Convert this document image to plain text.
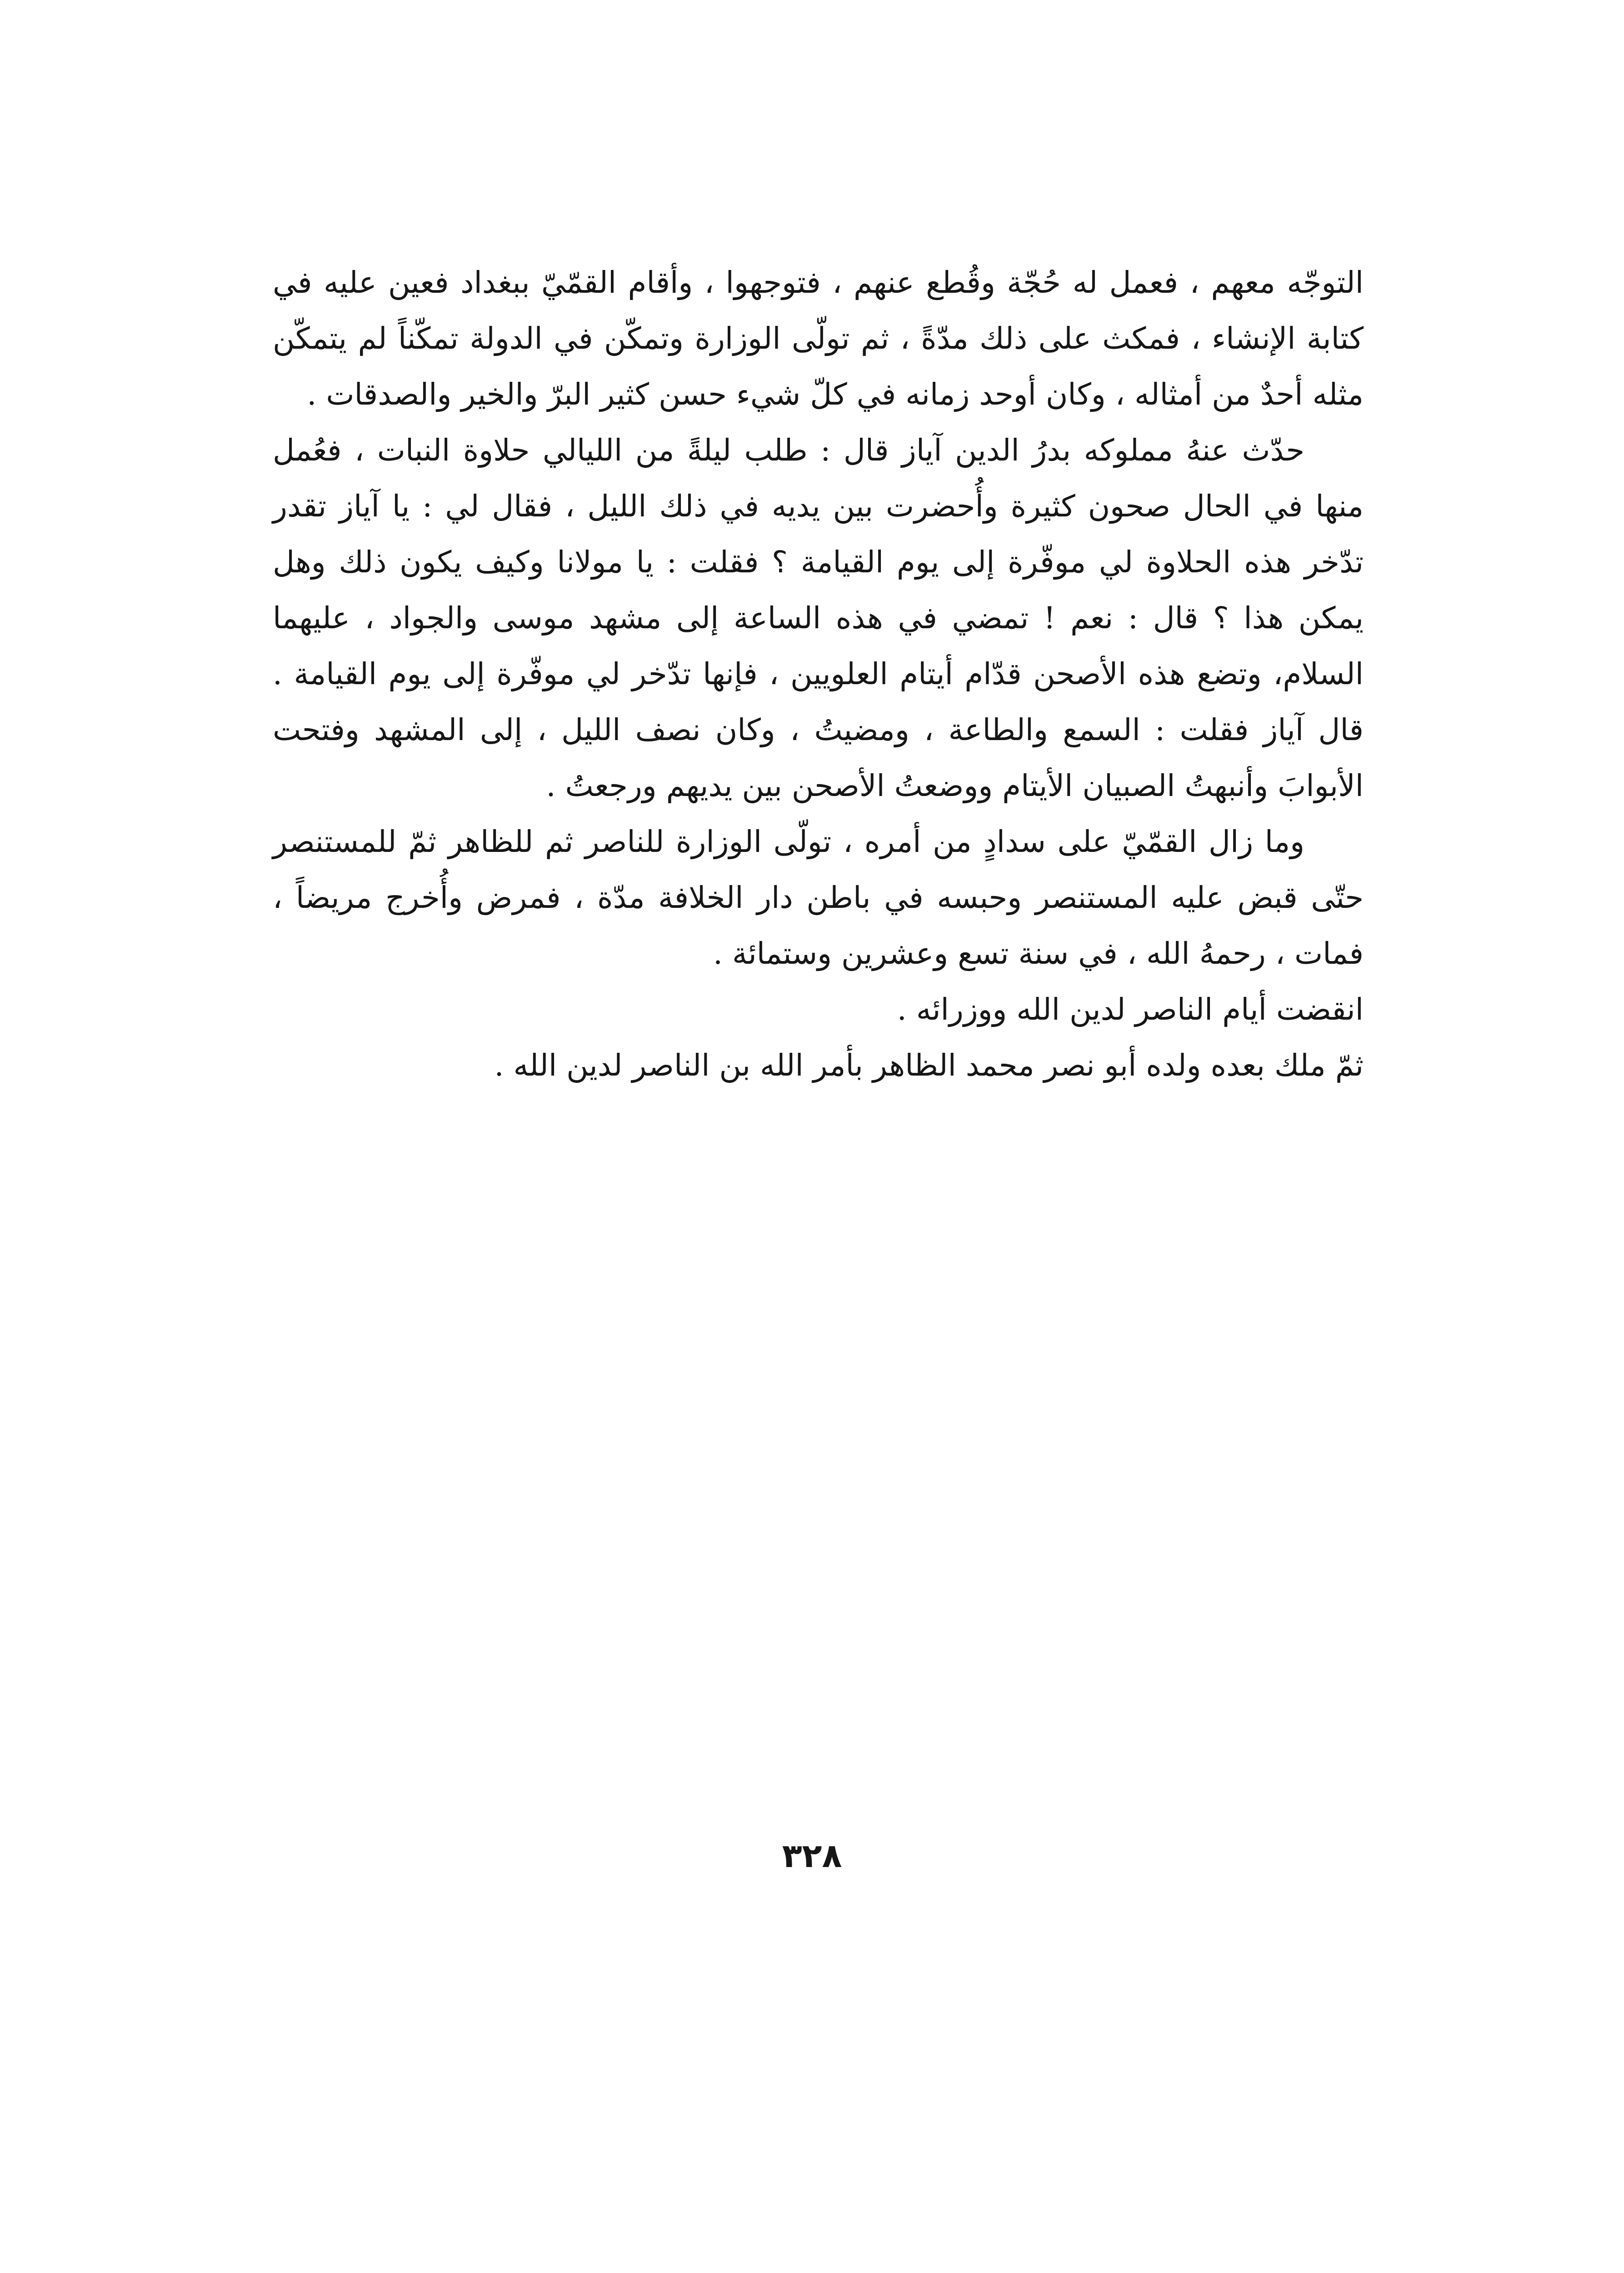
التوجّه معهم ، فعمل له حُجّة وقُطع عنهم ، فتوجهوا ، وأقام القمّيّ ببغداد فعين عليه في كتابة الإنشاء ، فمكث على ذلك مدّةً ، ثم تولّى الوزارة وتمكّن في الدولة تمكّناً لم يتمكّن مثله أحدٌ من أمثاله ، وكان أوحد زمانه في كلّ شيء حسن كثير البرّ والخير والصدقات .

حدّث عنهُ مملوكه بدرُ الدين آياز قال : طلب ليلةً من الليالي حلاوة النبات ، فعُمل منها في الحال صحون كثيرة وأُحضرت بين يديه في ذلك الليل ، فقال لي : يا آياز تقدر تدّخر هذه الحلاوة لي موفّرة إلى يوم القيامة ؟ فقلت : يا مولانا وكيف يكون ذلك وهل يمكن هذا ؟ قال : نعم ! تمضي في هذه الساعة إلى مشهد موسى والجواد ، عليهما السلام، وتضع هذه الأصحن قدّام أيتام العلويين ، فإنها تدّخر لي موفّرة إلى يوم القيامة . قال آياز فقلت : السمع والطاعة ، ومضيتُ ، وكان نصف الليل ، إلى المشهد وفتحت الأبوابَ وأنبهتُ الصبيان الأيتام ووضعتُ الأصحن بين يديهم ورجعتُ .

وما زال القمّيّ على سدادٍ من أمره ، تولّى الوزارة للناصر ثم للظاهر ثمّ للمستنصر حتّى قبض عليه المستنصر وحبسه في باطن دار الخلافة مدّة ، فمرض وأُخرج مريضاً ، فمات ، رحمهُ الله ، في سنة تسع وعشرين وستمائة .

انقضت أيام الناصر لدين الله ووزرائه .

ثمّ ملك بعده ولده أبو نصر محمد الظاهر بأمر الله بن الناصر لدين الله .

٣٢٨
